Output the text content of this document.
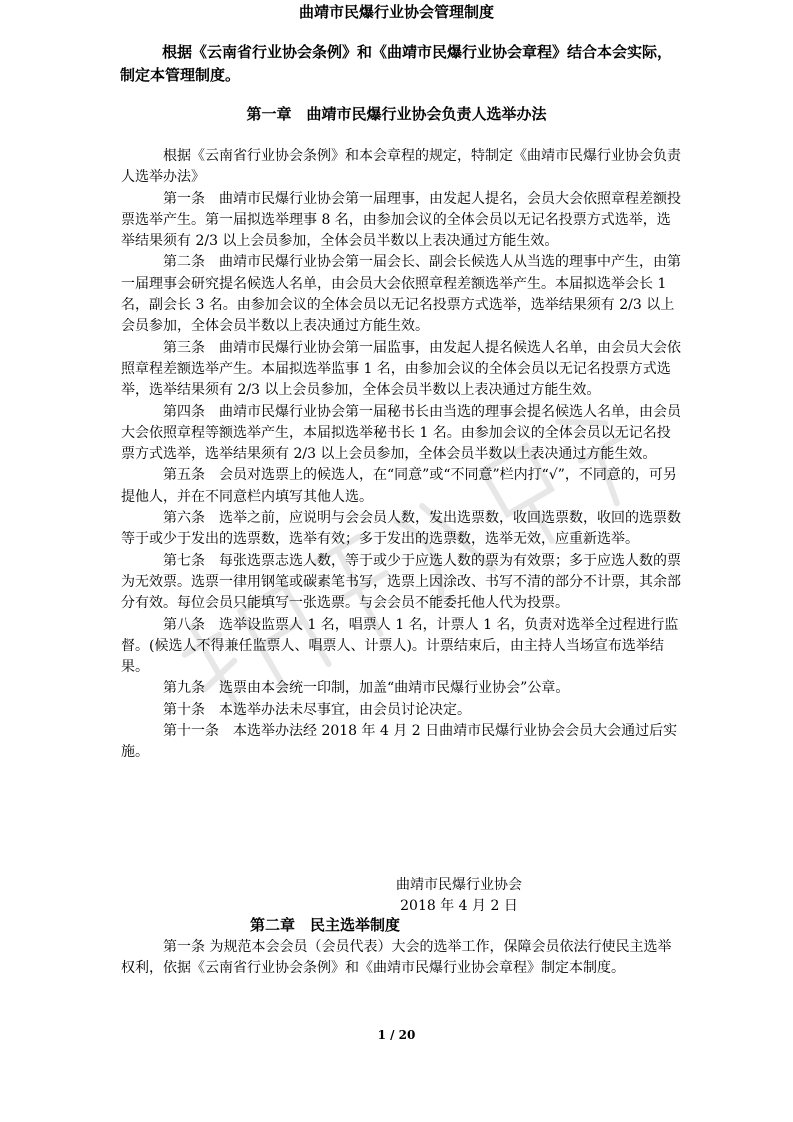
曲靖市民爆行业协会管理制度

根据《云南省行业协会条例》和《曲靖市民爆行业协会章程》结合本会实际，制定本管理制度。

第一章　曲靖市民爆行业协会负责人选举办法

根据《云南省行业协会条例》和本会章程的规定，特制定《曲靖市民爆行业协会负责人选举办法》

第一条　曲靖市民爆行业协会第一届理事，由发起人提名，会员大会依照章程差额投票选举产生。第一届拟选举理事 8 名，由参加会议的全体会员以无记名投票方式选举，选举结果须有 2/3 以上会员参加，全体会员半数以上表决通过方能生效。

第二条　曲靖市民爆行业协会第一届会长、副会长候选人从当选的理事中产生，由第一届理事会研究提名候选人名单，由会员大会依照章程差额选举产生。本届拟选举会长 1 名，副会长 3 名。由参加会议的全体会员以无记名投票方式选举，选举结果须有 2/3 以上会员参加，全体会员半数以上表决通过方能生效。

第三条　曲靖市民爆行业协会第一届监事，由发起人提名候选人名单，由会员大会依照章程差额选举产生。本届拟选举监事 1 名，由参加会议的全体会员以无记名投票方式选举，选举结果须有 2/3 以上会员参加，全体会员半数以上表决通过方能生效。

第四条　曲靖市民爆行业协会第一届秘书长由当选的理事会提名候选人名单，由会员大会依照章程等额选举产生，本届拟选举秘书长 1 名。由参加会议的全体会员以无记名投票方式选举，选举结果须有 2/3 以上会员参加，全体会员半数以上表决通过方能生效。

第五条　会员对选票上的候选人，在“同意”或“不同意”栏内打“√”，不同意的，可另提他人，并在不同意栏内填写其他人选。

第六条　选举之前，应说明与会会员人数，发出选票数，收回选票数，收回的选票数等于或少于发出的选票数，选举有效；多于发出的选票数，选举无效，应重新选举。

第七条　每张选票志选人数，等于或少于应选人数的票为有效票；多于应选人数的票为无效票。选票一律用钢笔或碳素笔书写，选票上因涂改、书写不清的部分不计票，其余部分有效。每位会员只能填写一张选票。与会会员不能委托他人代为投票。

第八条　选举设监票人 1 名，唱票人 1 名，计票人 1 名，负责对选举全过程进行监督。(候选人不得兼任监票人、唱票人、计票人)。计票结束后，由主持人当场宣布选举结果。

第九条　选票由本会统一印制，加盖“曲靖市民爆行业协会”公章。

第十条　本选举办法未尽事宜，由会员讨论决定。

第十一条　本选举办法经 2018 年 4 月 2 日曲靖市民爆行业协会会员大会通过后实施。

曲靖市民爆行业协会
2018 年 4 月 2 日
第二章　民主选举制度

第一条 为规范本会会员（会员代表）大会的选举工作，保障会员依法行使民主选举权利，依据《云南省行业协会条例》和《曲靖市民爆行业协会章程》制定本制度。

1 / 20
